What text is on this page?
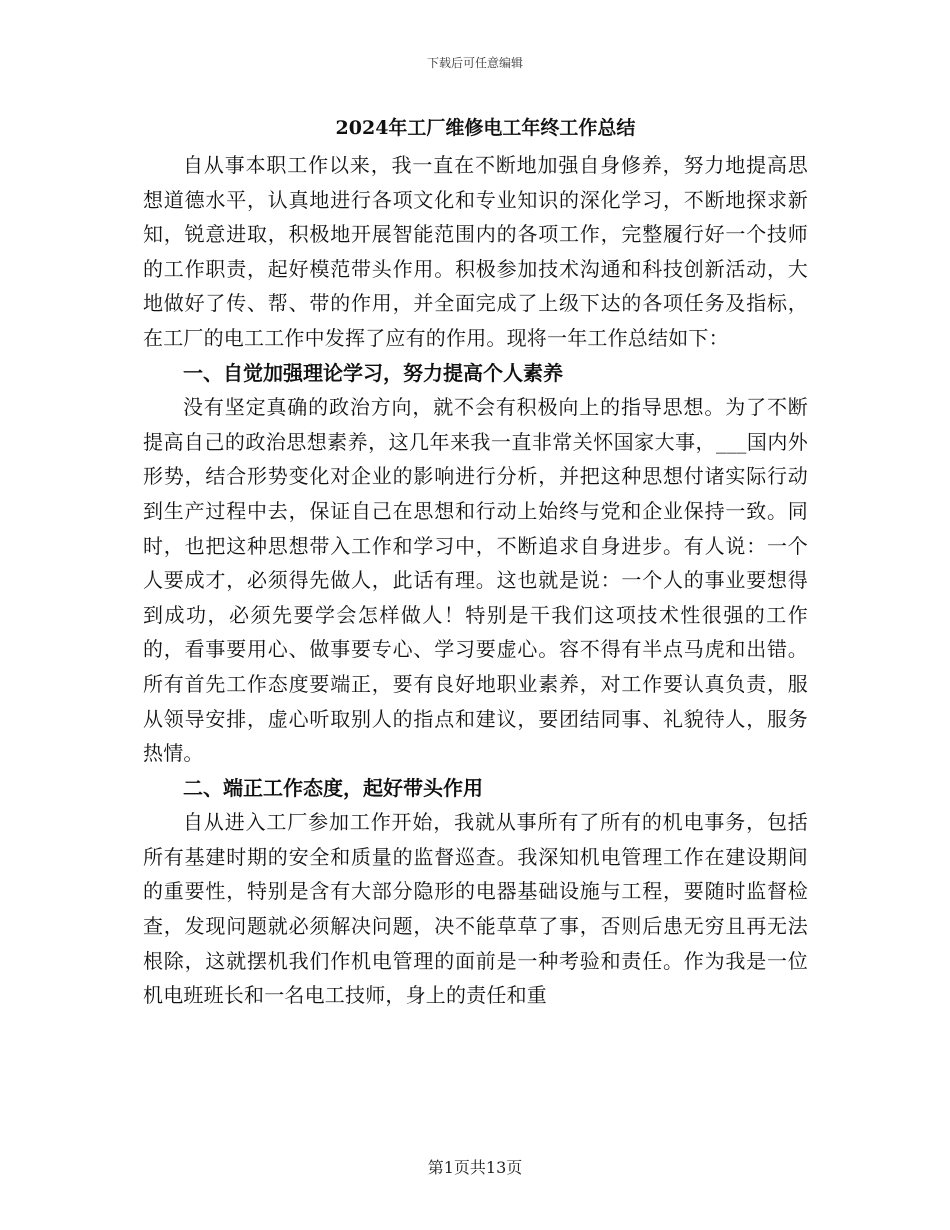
下载后可任意编辑
2024年工厂维修电工年终工作总结

自从事本职工作以来，我一直在不断地加强自身修养，努力地提高思想道德水平，认真地进行各项文化和专业知识的深化学习，不断地探求新知，锐意进取，积极地开展智能范围内的各项工作，完整履行好一个技师的工作职责，起好模范带头作用。积极参加技术沟通和科技创新活动，大地做好了传、帮、带的作用，并全面完成了上级下达的各项任务及指标，在工厂的电工工作中发挥了应有的作用。现将一年工作总结如下：

一、自觉加强理论学习，努力提高个人素养

没有坚定真确的政治方向，就不会有积极向上的指导思想。为了不断提高自己的政治思想素养，这几年来我一直非常关怀国家大事，___国内外形势，结合形势变化对企业的影响进行分析，并把这种思想付诸实际行动到生产过程中去，保证自己在思想和行动上始终与党和企业保持一致。同时，也把这种思想带入工作和学习中，不断追求自身进步。有人说：一个人要成才，必须得先做人，此话有理。这也就是说：一个人的事业要想得到成功，必须先要学会怎样做人！特别是干我们这项技术性很强的工作的，看事要用心、做事要专心、学习要虚心。容不得有半点马虎和出错。所有首先工作态度要端正，要有良好地职业素养，对工作要认真负责，服从领导安排，虚心听取别人的指点和建议，要团结同事、礼貌待人，服务热情。

二、端正工作态度，起好带头作用

自从进入工厂参加工作开始，我就从事所有了所有的机电事务，包括所有基建时期的安全和质量的监督巡查。我深知机电管理工作在建设期间的重要性，特别是含有大部分隐形的电器基础设施与工程，要随时监督检查，发现问题就必须解决问题，决不能草草了事，否则后患无穷且再无法根除，这就摆机我们作机电管理的面前是一种考验和责任。作为我是一位机电班班长和一名电工技师，身上的责任和重

第1页共13页
